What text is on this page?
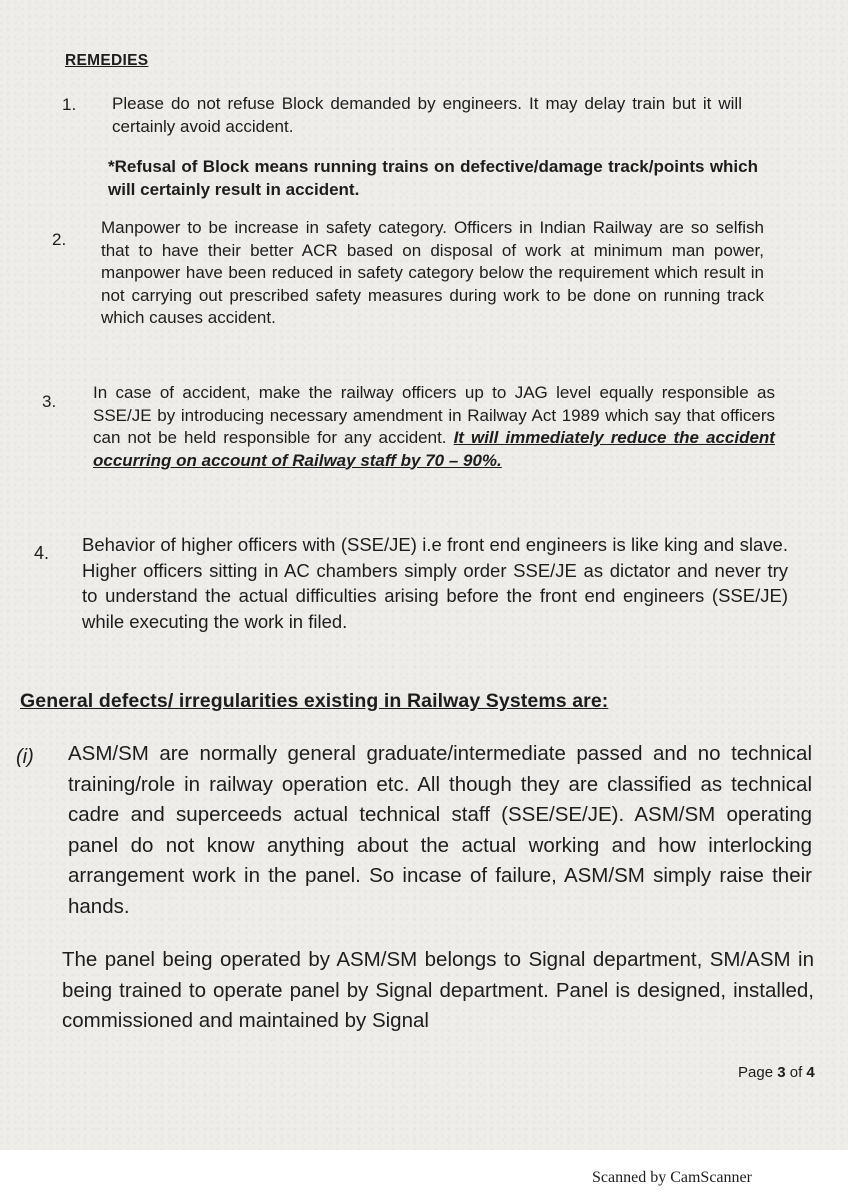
REMEDIES
1. Please do not refuse Block demanded by engineers. It may delay train but it will certainly avoid accident.
*Refusal of Block means running trains on defective/damage track/points which will certainly result in accident.
2.
Manpower to be increase in safety category. Officers in Indian Railway are so selfish that to have their better ACR based on disposal of work at minimum man power, manpower have been reduced in safety category below the requirement which result in not carrying out prescribed safety measures during work to be done on running track which causes accident.
3. In case of accident, make the railway officers up to JAG level equally responsible as SSE/JE by introducing necessary amendment in Railway Act 1989 which say that officers can not be held responsible for any accident. It will immediately reduce the accident occurring on account of Railway staff by 70 – 90%.
4. Behavior of higher officers with (SSE/JE) i.e front end engineers is like king and slave. Higher officers sitting in AC chambers simply order SSE/JE as dictator and never try to understand the actual difficulties arising before the front end engineers (SSE/JE) while executing the work in filed.
General defects/ irregularities existing in Railway Systems are:
(i) ASM/SM are normally general graduate/intermediate passed and no technical training/role in railway operation etc. All though they are classified as technical cadre and superceeds actual technical staff (SSE/SE/JE). ASM/SM operating panel do not know anything about the actual working and how interlocking arrangement work in the panel. So incase of failure, ASM/SM simply raise their hands.
The panel being operated by ASM/SM belongs to Signal department, SM/ASM in being trained to operate panel by Signal department. Panel is designed, installed, commissioned and maintained by Signal
Page 3 of 4
Scanned by CamScanner
